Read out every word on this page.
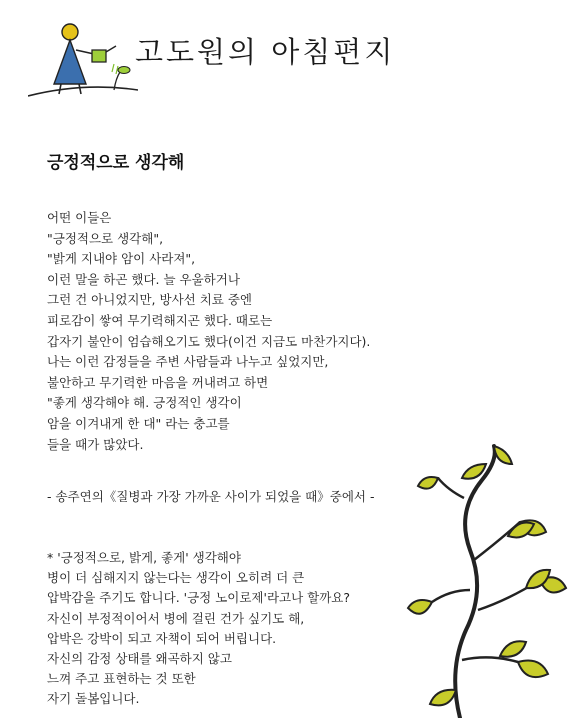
고도원의 아침편지
긍정적으로 생각해
어떤 이들은
"긍정적으로 생각해",
"밝게 지내야 암이 사라져",
이런 말을 하곤 했다. 늘 우울하거나
그런 건 아니었지만, 방사선 치료 중엔
피로감이 쌓여 무기력해지곤 했다. 때로는
갑자기 불안이 엄습해오기도 했다(이건 지금도 마찬가지다).
나는 이런 감정들을 주변 사람들과 나누고 싶었지만,
불안하고 무기력한 마음을 꺼내려고 하면
"좋게 생각해야 해. 긍정적인 생각이
암을 이겨내게 한 대" 라는 충고를
들을 때가 많았다.
- 송주연의《질병과 가장 가까운 사이가 되었을 때》중에서 -
* '긍정적으로, 밝게, 좋게' 생각해야
병이 더 심해지지 않는다는 생각이 오히려 더 큰
압박감을 주기도 합니다. '긍정 노이로제'라고나 할까요?
자신이 부정적이어서 병에 걸린 건가 싶기도 해,
압박은 강박이 되고 자책이 되어 버립니다.
자신의 감정 상태를 왜곡하지 않고
느껴 주고 표현하는 것 또한
자기 돌봄입니다.
